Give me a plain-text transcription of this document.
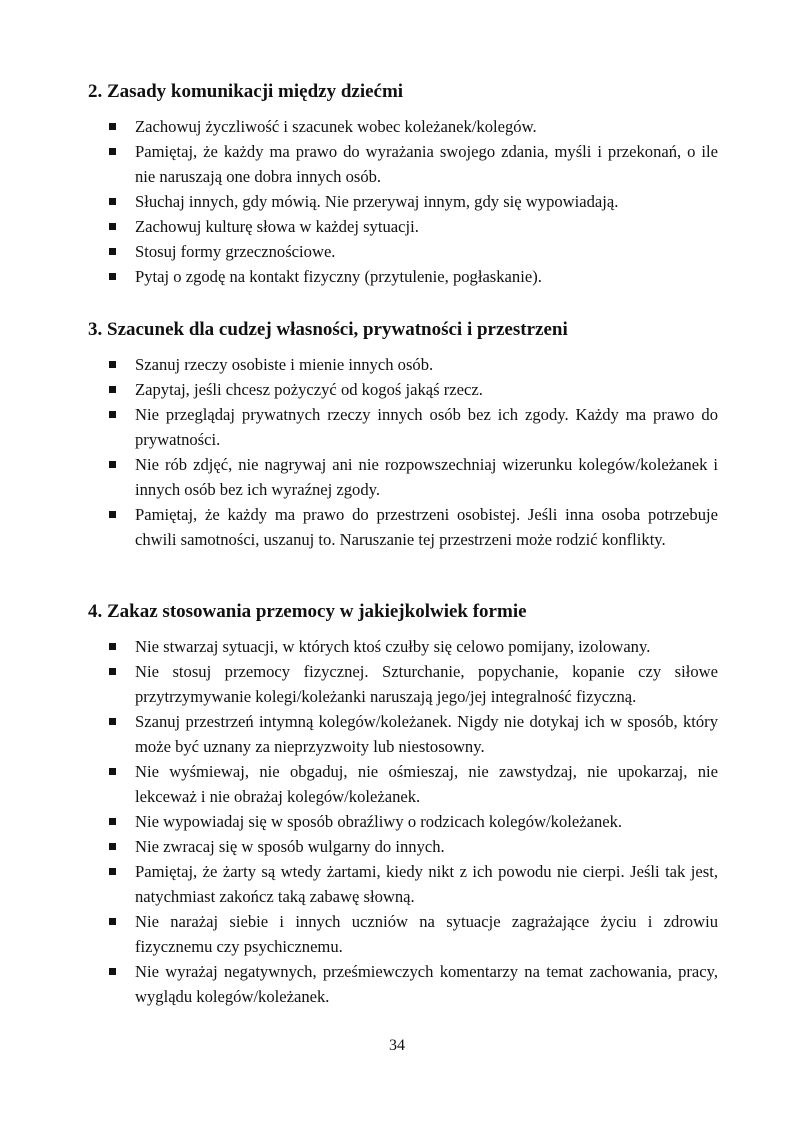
2. Zasady komunikacji między dziećmi
Zachowuj życzliwość i szacunek wobec koleżanek/kolegów.
Pamiętaj, że każdy ma prawo do wyrażania swojego zdania, myśli i przekonań, o ile nie naruszają one dobra innych osób.
Słuchaj innych, gdy mówią. Nie przerywaj innym, gdy się wypowiadają.
Zachowuj kulturę słowa w każdej sytuacji.
Stosuj formy grzecznościowe.
Pytaj o zgodę na kontakt fizyczny (przytulenie, pogłaskanie).
3. Szacunek dla cudzej własności, prywatności i przestrzeni
Szanuj rzeczy osobiste i mienie innych osób.
Zapytaj, jeśli chcesz pożyczyć od kogoś jakąś rzecz.
Nie przeglądaj prywatnych rzeczy innych osób bez ich zgody. Każdy ma prawo do prywatności.
Nie rób zdjęć, nie nagrywaj ani nie rozpowszechniaj wizerunku kolegów/koleżanek i innych osób bez ich wyraźnej zgody.
Pamiętaj, że każdy ma prawo do przestrzeni osobistej. Jeśli inna osoba potrzebuje chwili samotności, uszanuj to. Naruszanie tej przestrzeni może rodzić konflikty.
4. Zakaz stosowania przemocy w jakiejkolwiek formie
Nie stwarzaj sytuacji, w których ktoś czułby się celowo pomijany, izolowany.
Nie stosuj przemocy fizycznej. Szturchanie, popychanie, kopanie czy siłowe przytrzymywanie kolegi/koleżanki naruszają jego/jej integralność fizyczną.
Szanuj przestrzeń intymną kolegów/koleżanek. Nigdy nie dotykaj ich w sposób, który może być uznany za nieprzyzwoity lub niestosowny.
Nie wyśmiewaj, nie obgaduj, nie ośmieszaj, nie zawstydzaj, nie upokarzaj, nie lekceważ i nie obrażaj kolegów/koleżanek.
Nie wypowiadaj się w sposób obraźliwy o rodzicach kolegów/koleżanek.
Nie zwracaj się w sposób wulgarny do innych.
Pamiętaj, że żarty są wtedy żartami, kiedy nikt z ich powodu nie cierpi. Jeśli tak jest, natychmiast zakończ taką zabawę słowną.
Nie narażaj siebie i innych uczniów na sytuacje zagrażające życiu i zdrowiu fizycznemu czy psychicznemu.
Nie wyrażaj negatywnych, prześmiewczych komentarzy na temat zachowania, pracy, wyglądu kolegów/koleżanek.
34
